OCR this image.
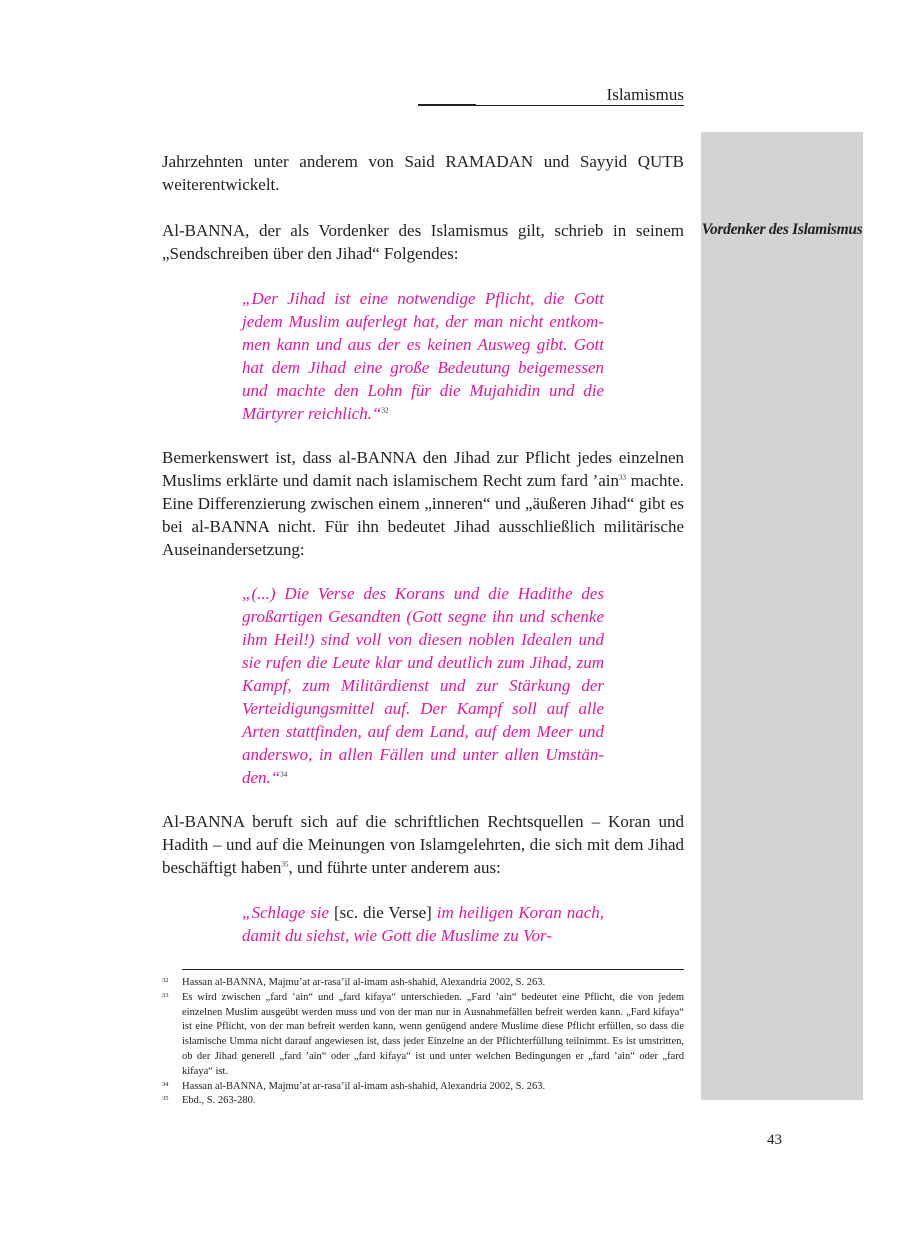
Islamismus
Vordenker des Islamismus

Jahrzehnten unter anderem von Said RAMADAN und Sayyid QUTB weiterentwickelt.

Al-BANNA, der als Vordenker des Islamismus gilt, schrieb in seinem „Sendschreiben über den Jihad“ Folgendes:

„Der Jihad ist eine notwendige Pflicht, die Gott jedem Muslim auferlegt hat, der man nicht entkommen kann und aus der es keinen Ausweg gibt. Gott hat dem Jihad eine große Bedeutung beigemessen und machte den Lohn für die Mujahidin und die Märtyrer reichlich.“$^{32}$

Bemerkenswert ist, dass al-BANNA den Jihad zur Pflicht jedes einzelnen Muslims erklärte und damit nach islamischem Recht zum fard ’ain$^{33}$ machte. Eine Differenzierung zwischen einem „inneren“ und „äußeren Jihad“ gibt es bei al-BANNA nicht. Für ihn bedeutet Jihad ausschließlich militärische Auseinandersetzung:

„(...) Die Verse des Korans und die Hadithe des großartigen Gesandten (Gott segne ihn und schenke ihm Heil!) sind voll von diesen noblen Idealen und sie rufen die Leute klar und deutlich zum Jihad, zum Kampf, zum Militärdienst und zur Stärkung der Verteidigungsmittel auf. Der Kampf soll auf alle Arten stattfinden, auf dem Land, auf dem Meer und anderswo, in allen Fällen und unter allen Umständen.“$^{34}$

Al-BANNA beruft sich auf die schriftlichen Rechtsquellen – Koran und Hadith – und auf die Meinungen von Islamgelehrten, die sich mit dem Jihad beschäftigt haben$^{35}$, und führte unter anderem aus:

„Schlage sie [sc. die Verse] im heiligen Koran nach, damit du siehst, wie Gott die Muslime zu Vor-

32 Hassan al-BANNA, Majmu’at ar-rasa’il al-imam ash-shahid, Alexandria 2002, S. 263.
33 Es wird zwischen „fard ’ain“ und „fard kifaya“ unterschieden. „Fard ’ain“ bedeutet eine Pflicht, die von jedem einzelnen Muslim ausgeübt werden muss und von der man nur in Ausnahmefällen befreit werden kann. „Fard kifaya“ ist eine Pflicht, von der man befreit werden kann, wenn genügend andere Muslime diese Pflicht erfüllen, so dass die islamische Umma nicht darauf angewiesen ist, dass jeder Einzelne an der Pflichterfüllung teilnimmt. Es ist umstritten, ob der Jihad generell „fard ’ain“ oder „fard kifaya“ ist und unter welchen Bedingungen er „fard ’ain“ oder „fard kifaya“ ist.
34 Hassan al-BANNA, Majmu’at ar-rasa’il al-imam ash-shahid, Alexandria 2002, S. 263.
35 Ebd., S. 263-280.
43
